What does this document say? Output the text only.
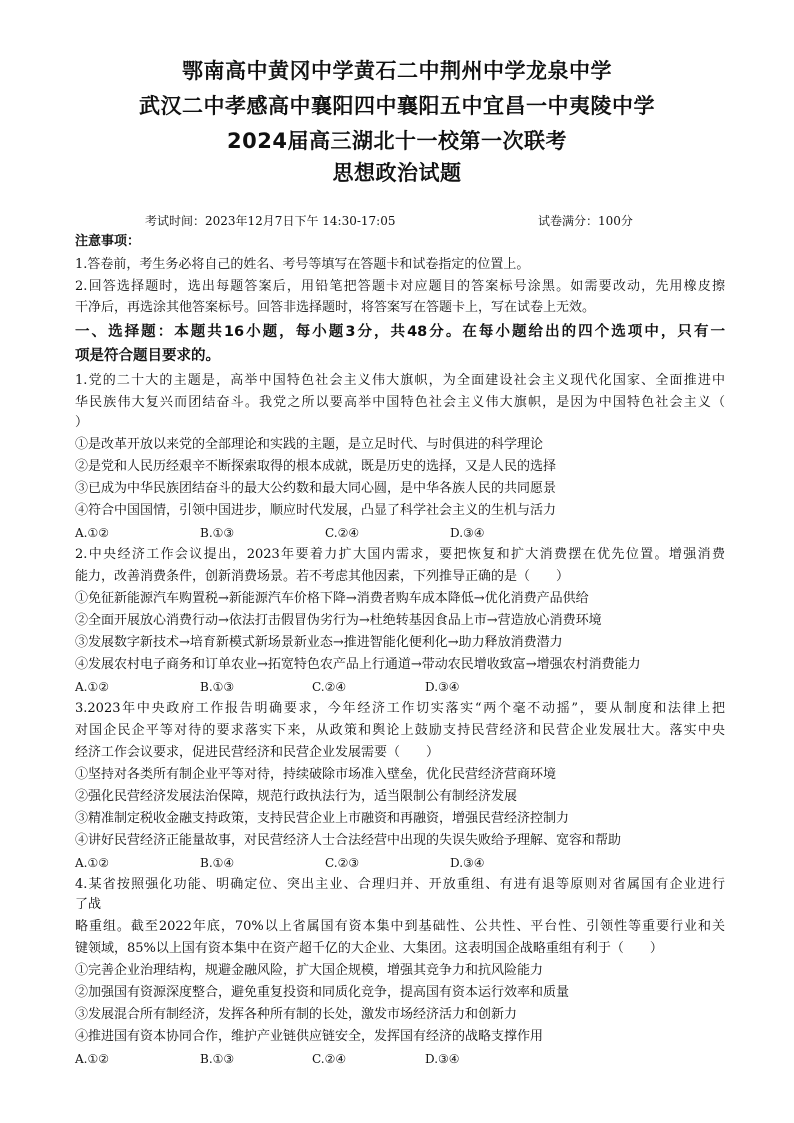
鄂南高中黄冈中学黄石二中荆州中学龙泉中学
武汉二中孝感高中襄阳四中襄阳五中宜昌一中夷陵中学
2024届高三湖北十一校第一次联考
思想政治试题
考试时间：2023年12月7日下午 14:30-17:05	试卷满分：100分
注意事项：
1.答卷前，考生务必将自己的姓名、考号等填写在答题卡和试卷指定的位置上。
2.回答选择题时，选出每题答案后，用铅笔把答题卡对应题目的答案标号涂黑。如需要改动，先用橡皮擦
干净后，再选涂其他答案标号。回答非选择题时，将答案写在答题卡上，写在试卷上无效。
一、选择题：本题共16小题，每小题3分，共48分。在每小题给出的四个选项中，只有一
项是符合题目要求的。
1.党的二十大的主题是，高举中国特色社会主义伟大旗帜，为全面建设社会主义现代化国家、全面推进中
华民族伟大复兴而团结奋斗。我党之所以要高举中国特色社会主义伟大旗帜，是因为中国特色社会主义（
）
①是改革开放以来党的全部理论和实践的主题，是立足时代、与时俱进的科学理论
②是党和人民历经艰辛不断探索取得的根本成就，既是历史的选择，又是人民的选择
③已成为中华民族团结奋斗的最大公约数和最大同心圆，是中华各族人民的共同愿景
④符合中国国情，引领中国进步，顺应时代发展，凸显了科学社会主义的生机与活力
A.①②	B.①③	C.②④	D.③④
2.中央经济工作会议提出，2023年要着力扩大国内需求，要把恢复和扩大消费摆在优先位置。增强消费
能力，改善消费条件，创新消费场景。若不考虑其他因素，下列推导正确的是（　　）
①免征新能源汽车购置税→新能源汽车价格下降→消费者购车成本降低→优化消费产品供给
②全面开展放心消费行动→依法打击假冒伪劣行为→杜绝转基因食品上市→营造放心消费环境
③发展数字新技术→培育新模式新场景新业态→推进智能化便利化→助力释放消费潜力
④发展农村电子商务和订单农业→拓宽特色农产品上行通道→带动农民增收致富→增强农村消费能力
A.①②	B.①③	C.②④	D.③④
3.2023年中央政府工作报告明确要求，今年经济工作切实落实“两个毫不动摇”，要从制度和法律上把
对国企民企平等对待的要求落实下来，从政策和舆论上鼓励支持民营经济和民营企业发展壮大。落实中央
经济工作会议要求，促进民营经济和民营企业发展需要（　　）
①坚持对各类所有制企业平等对待，持续破除市场准入壁垒，优化民营经济营商环境
②强化民营经济发展法治保障，规范行政执法行为，适当限制公有制经济发展
③精准制定税收金融支持政策，支持民营企业上市融资和再融资，增强民营经济控制力
④讲好民营经济正能量故事，对民营经济人士合法经营中出现的失误失败给予理解、宽容和帮助
A.①②	B.①④	C.②③	D.③④
4.某省按照强化功能、明确定位、突出主业、合理归并、开放重组、有进有退等原则对省属国有企业进行
了战
略重组。截至2022年底，70%以上省属国有资本集中到基础性、公共性、平台性、引领性等重要行业和关
键领域，85%以上国有资本集中在资产超千亿的大企业、大集团。这表明国企战略重组有利于（　　）
①完善企业治理结构，规避金融风险，扩大国企规模，增强其竞争力和抗风险能力
②加强国有资源深度整合，避免重复投资和同质化竞争，提高国有资本运行效率和质量
③发展混合所有制经济，发挥各种所有制的长处，激发市场经济活力和创新力
④推进国有资本协同合作，维护产业链供应链安全，发挥国有经济的战略支撑作用
A.①②	B.①③	C.②④	D.③④
